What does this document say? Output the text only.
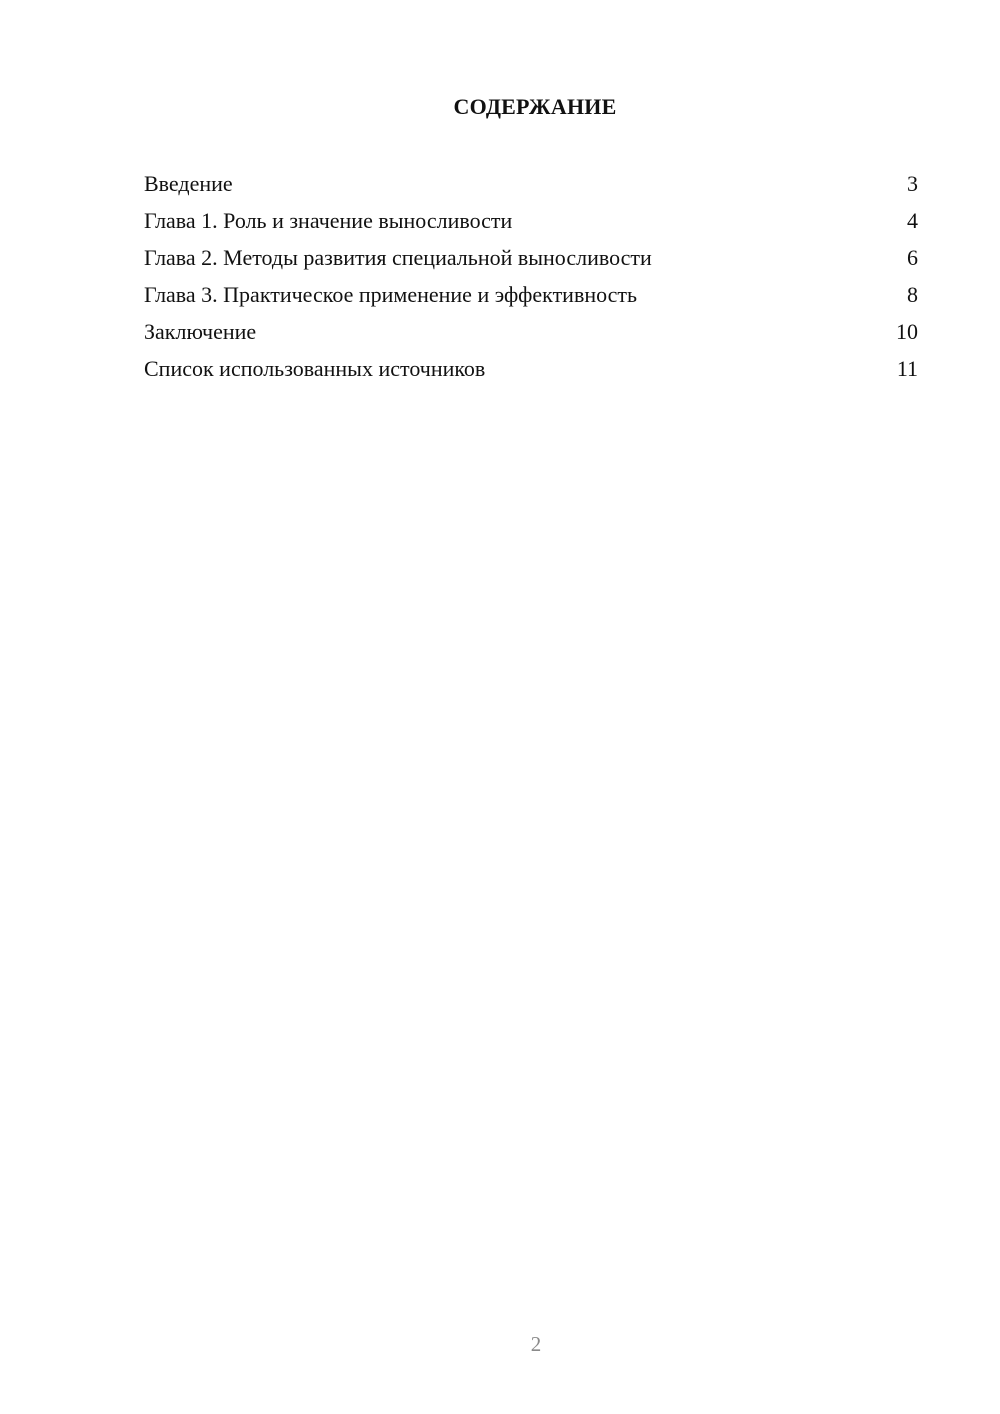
СОДЕРЖАНИЕ
Введение	3
Глава 1. Роль и значение выносливости	4
Глава 2. Методы развития специальной выносливости	6
Глава 3. Практическое применение и эффективность	8
Заключение	10
Список использованных источников	11
2
